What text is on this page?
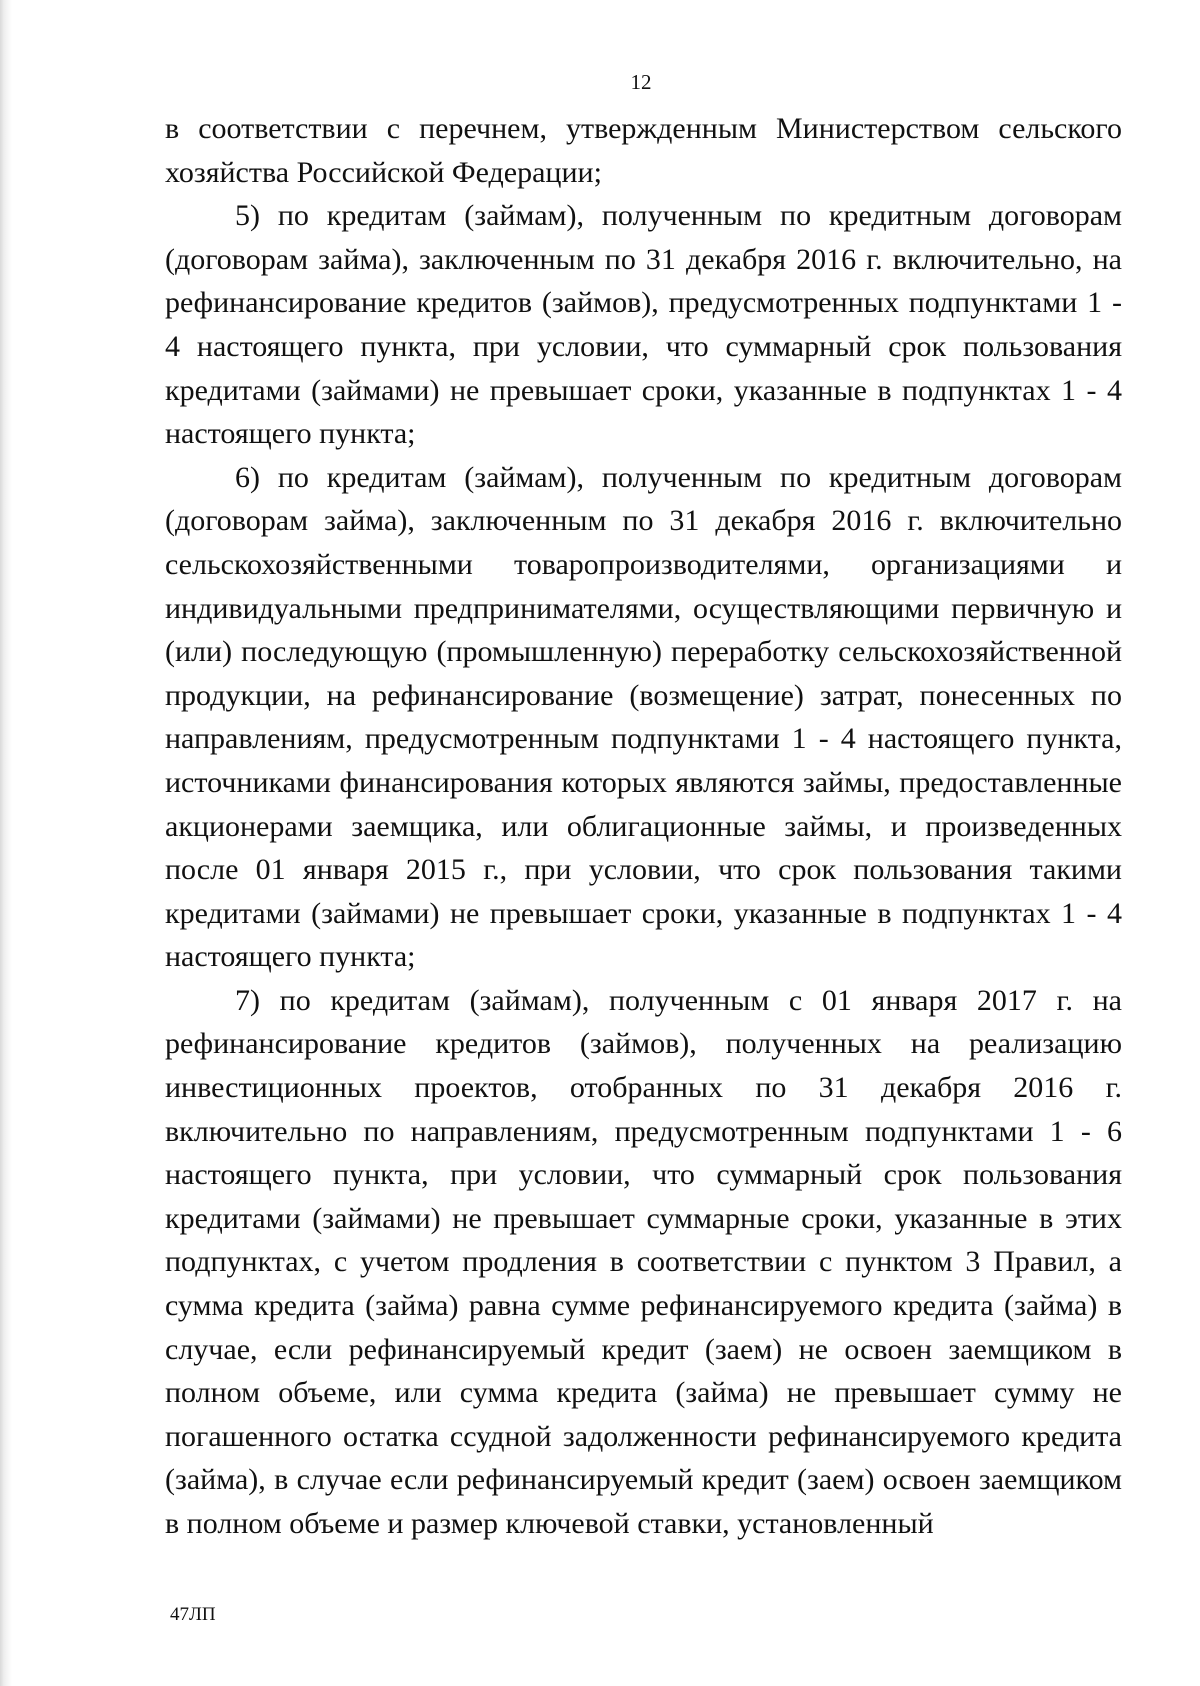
12

в соответствии с перечнем, утвержденным Министерством сельского хозяйства Российской Федерации;

5) по кредитам (займам), полученным по кредитным договорам (договорам займа), заключенным по 31 декабря 2016 г. включительно, на рефинансирование кредитов (займов), предусмотренных подпунктами 1 - 4 настоящего пункта, при условии, что суммарный срок пользования кредитами (займами) не превышает сроки, указанные в подпунктах 1 - 4 настоящего пункта;

6) по кредитам (займам), полученным по кредитным договорам (договорам займа), заключенным по 31 декабря 2016 г. включительно сельскохозяйственными товаропроизводителями, организациями и индивидуальными предпринимателями, осуществляющими первичную и (или) последующую (промышленную) переработку сельскохозяйственной продукции, на рефинансирование (возмещение) затрат, понесенных по направлениям, предусмотренным подпунктами 1 - 4 настоящего пункта, источниками финансирования которых являются займы, предоставленные акционерами заемщика, или облигационные займы, и произведенных после 01 января 2015 г., при условии, что срок пользования такими кредитами (займами) не превышает сроки, указанные в подпунктах 1 - 4 настоящего пункта;

7) по кредитам (займам), полученным с 01 января 2017 г. на рефинансирование кредитов (займов), полученных на реализацию инвестиционных проектов, отобранных по 31 декабря 2016 г. включительно по направлениям, предусмотренным подпунктами 1 - 6 настоящего пункта, при условии, что суммарный срок пользования кредитами (займами) не превышает суммарные сроки, указанные в этих подпунктах, с учетом продления в соответствии с пунктом 3 Правил, а сумма кредита (займа) равна сумме рефинансируемого кредита (займа) в случае, если рефинансируемый кредит (заем) не освоен заемщиком в полном объеме, или сумма кредита (займа) не превышает сумму не погашенного остатка ссудной задолженности рефинансируемого кредита (займа), в случае если рефинансируемый кредит (заем) освоен заемщиком в полном объеме и размер ключевой ставки, установленный

47ЛП
